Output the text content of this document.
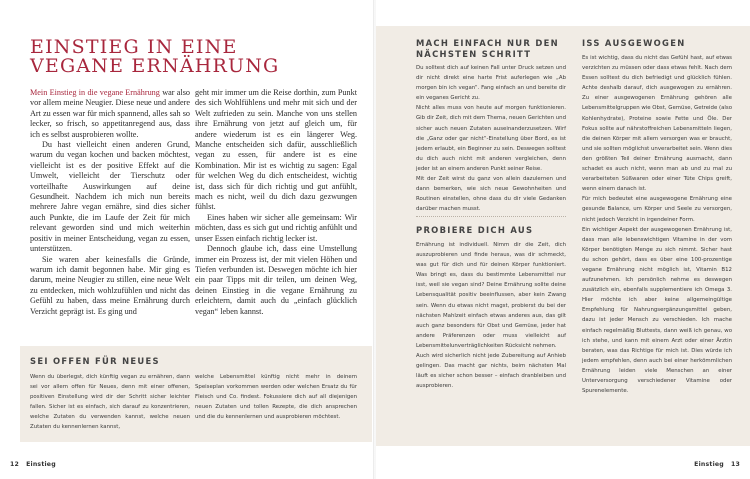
EINSTIEG IN EINE
VEGANE ERNÄHRUNG

Mein Einstieg in die vegane Ernährung war also vor allem meine Neugier. Diese neue und andere Art zu essen war für mich spannend, alles sah so lecker, so frisch, so appetitanregend aus, dass ich es selbst ausprobieren wollte.

Du hast vielleicht einen anderen Grund, warum du vegan kochen und backen möchtest, vielleicht ist es der positive Effekt auf die Umwelt, vielleicht der Tierschutz oder vorteilhafte Auswirkungen auf deine Gesundheit. Nachdem ich mich nun bereits mehrere Jahre vegan ernähre, sind dies sicher auch Punkte, die im Laufe der Zeit für mich relevant geworden sind und mich weiterhin positiv in meiner Entscheidung, vegan zu essen, unterstützen.

Sie waren aber keinesfalls die Gründe, warum ich damit begonnen habe. Mir ging es darum, meine Neugier zu stillen, eine neue Welt zu entdecken, mich wohlzufühlen und nicht das Gefühl zu haben, dass meine Ernährung durch Verzicht geprägt ist. Es ging und

geht mir immer um die Reise dorthin, zum Punkt des sich Wohlfühlens und mehr mit sich und der Welt zufrieden zu sein. Manche von uns stellen ihre Ernährung von jetzt auf gleich um, für andere wiederum ist es ein längerer Weg. Manche entscheiden sich dafür, ausschließlich vegan zu essen, für andere ist es eine Kombination. Mir ist es wichtig zu sagen: Egal für welchen Weg du dich entscheidest, wichtig ist, dass sich für dich richtig und gut anfühlt, mach es nicht, weil du dich dazu gezwungen fühlst.

Eines haben wir sicher alle gemeinsam: Wir möchten, dass es sich gut und richtig anfühlt und unser Essen einfach richtig lecker ist.

Dennoch glaube ich, dass eine Umstellung immer ein Prozess ist, der mit vielen Höhen und Tiefen verbunden ist. Deswegen möchte ich hier ein paar Tipps mit dir teilen, um deinen Weg, deinen Einstieg in die vegane Ernährung zu erleichtern, damit auch du „einfach glücklich vegan“ leben kannst.

SEI OFFEN FÜR NEUES

Wenn du überlegst, dich künftig vegan zu ernähren, dann sei vor allem offen für Neues, denn mit einer offenen, positiven Einstellung wird dir der Schritt sicher leichter fallen. Sicher ist es einfach, sich darauf zu konzentrieren, welche Zutaten du verwenden kannst, welche neuen Zutaten du kennenlernen kannst,

welche Lebensmittel künftig nicht mehr in deinem Speiseplan vorkommen werden oder welchen Ersatz du für Fleisch und Co. findest. Fokussiere dich auf all diejenigen neuen Zutaten und tollen Rezepte, die dich ansprechen und die du kennenlernen und ausprobieren möchtest.

12 Einstieg
MACH EINFACH NUR DEN NÄCHSTEN SCHRITT

Du solltest dich auf keinen Fall unter Druck setzen und dir nicht direkt eine harte Frist auferlegen wie „Ab morgen bin ich vegan“. Fang einfach an und bereite dir ein veganes Gericht zu.

Nicht alles muss von heute auf morgen funktionieren. Gib dir Zeit, dich mit dem Thema, neuen Gerichten und sicher auch neuen Zutaten auseinanderzusetzen. Wirf die „Ganz oder gar nicht“-Einstellung über Bord, es ist jedem erlaubt, ein Beginner zu sein. Deswegen solltest du dich auch nicht mit anderen vergleichen, denn jeder ist an einem anderen Punkt seiner Reise.

Mit der Zeit wirst du ganz von allein dazulernen und dann bemerken, wie sich neue Gewohnheiten und Routinen einstellen, ohne dass du dir viele Gedanken darüber machen musst.

PROBIERE DICH AUS

Ernährung ist individuell. Nimm dir die Zeit, dich auszuprobieren und finde heraus, was dir schmeckt, was gut für dich und für deinen Körper funktioniert. Was bringt es, dass du bestimmte Lebensmittel nur isst, weil sie vegan sind? Deine Ernährung sollte deine Lebensqualität positiv beeinflussen, aber kein Zwang sein. Wenn du etwas nicht magst, probierst du bei der nächsten Mahlzeit einfach etwas anderes aus, das gilt auch ganz besonders für Obst und Gemüse, jeder hat andere Präferenzen oder muss vielleicht auf Lebensmittelunverträglichkeiten Rücksicht nehmen.

Auch wird sicherlich nicht jede Zubereitung auf Anhieb gelingen. Das macht gar nichts, beim nächsten Mal läuft es sicher schon besser – einfach dranbleiben und ausprobieren.

ISS AUSGEWOGEN

Es ist wichtig, dass du nicht das Gefühl hast, auf etwas verzichten zu müssen oder dass etwas fehlt. Nach dem Essen solltest du dich befriedigt und glücklich fühlen. Achte deshalb darauf, dich ausgewogen zu ernähren. Zu einer ausgewogenen Ernährung gehören alle Lebensmittelgruppen wie Obst, Gemüse, Getreide (also Kohlenhydrate), Proteine sowie Fette und Öle. Der Fokus sollte auf nährstoffreichen Lebensmitteln liegen, die deinen Körper mit allem versorgen was er braucht, und sie sollten möglichst unverarbeitet sein. Wenn dies den größten Teil deiner Ernährung ausmacht, dann schadet es auch nicht, wenn man ab und zu mal zu verarbeiteten Süßwaren oder einer Tüte Chips greift, wenn einem danach ist.

Für mich bedeutet eine ausgewogene Ernährung eine gesunde Balance, um Körper und Seele zu versorgen, nicht jedoch Verzicht in irgendeiner Form.

Ein wichtiger Aspekt der ausgewogenen Ernährung ist, dass man alle lebenswichtigen Vitamine in der vom Körper benötigten Menge zu sich nimmt. Sicher hast du schon gehört, dass es über eine 100-prozentige vegane Ernährung nicht möglich ist, Vitamin B12 aufzunehmen. Ich persönlich nehme es deswegen zusätzlich ein, ebenfalls supplementiere ich Omega 3. Hier möchte ich aber keine allgemeingültige Empfehlung für Nahrungsergänzungsmittel geben, dazu ist jeder Mensch zu verschieden. Ich mache einfach regelmäßig Bluttests, dann weiß ich genau, wo ich stehe, und kann mit einem Arzt oder einer Ärztin beraten, was das Richtige für mich ist. Dies würde ich jedem empfehlen, denn auch bei einer herkömmlichen Ernährung leiden viele Menschen an einer Unterversorgung verschiedener Vitamine oder Spurenelemente.

Einstieg 13
